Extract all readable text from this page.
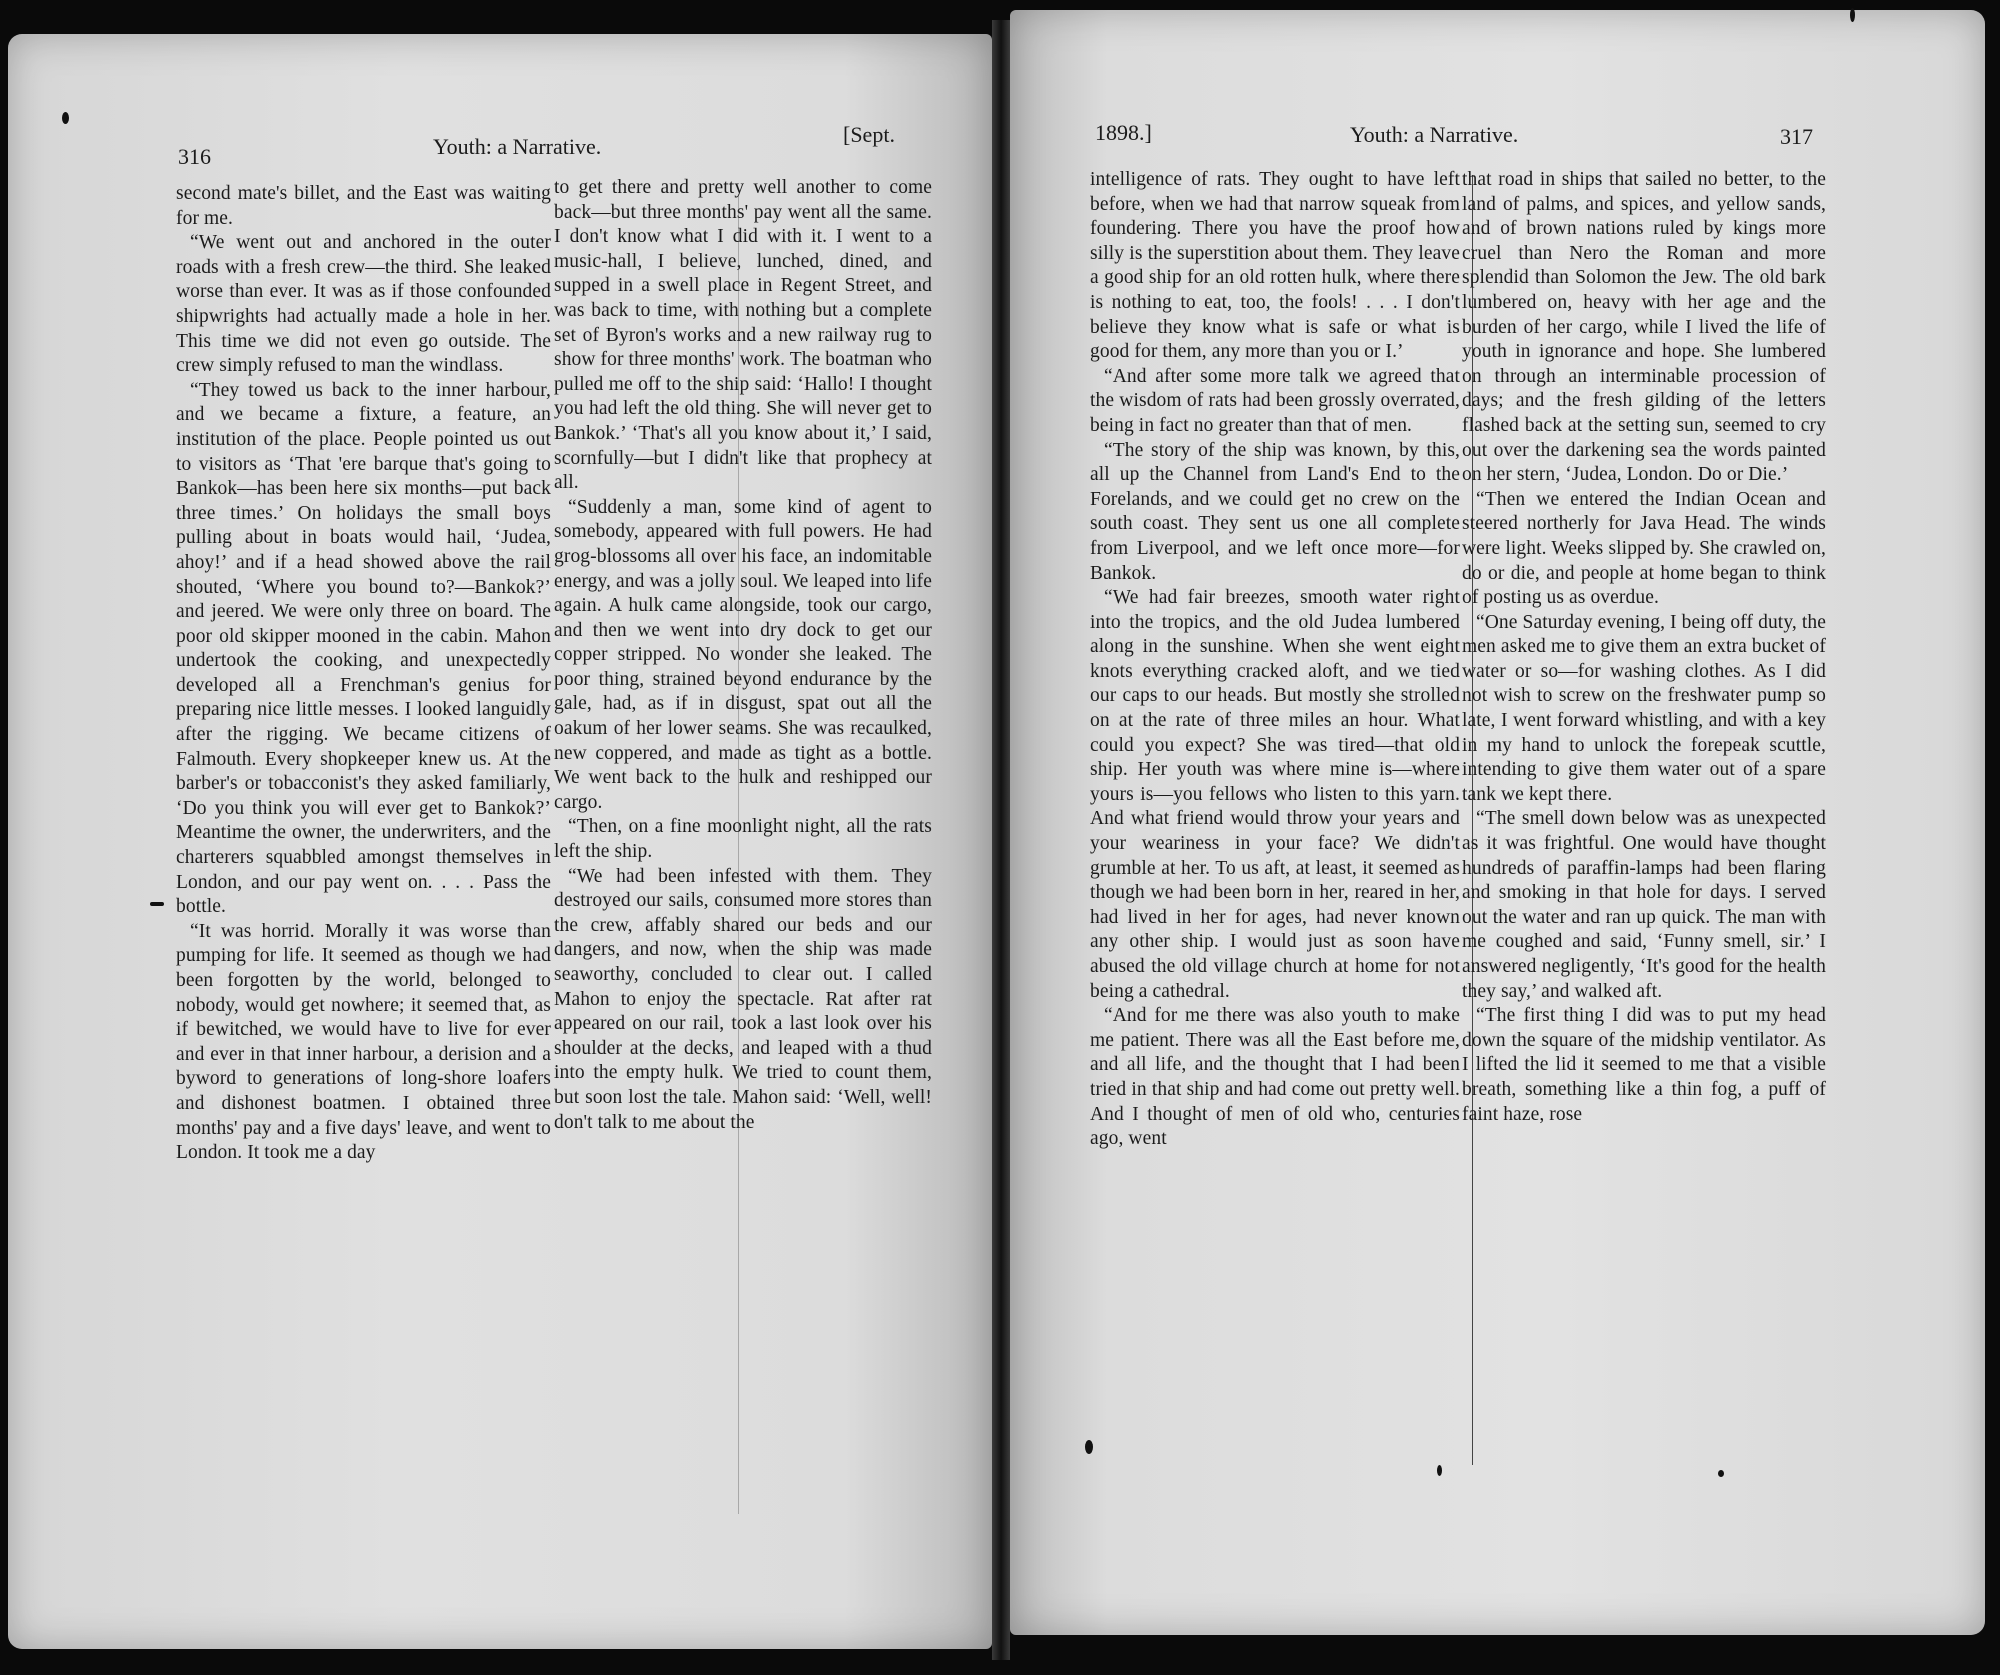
316	Youth: a Narrative.	[Sept.

second mate's billet, and the East was waiting for me.

“We went out and anchored in the outer roads with a fresh crew—the third. She leaked worse than ever. It was as if those confounded shipwrights had actually made a hole in her. This time we did not even go outside. The crew simply refused to man the windlass.

“They towed us back to the inner harbour, and we became a fixture, a feature, an institution of the place. People pointed us out to visitors as ‘That 'ere barque that's going to Bankok—has been here six months—put back three times.’ On holidays the small boys pulling about in boats would hail, ‘Judea, ahoy!’ and if a head showed above the rail shouted, ‘Where you bound to?—Bankok?’ and jeered. We were only three on board. The poor old skipper mooned in the cabin. Mahon undertook the cooking, and unexpectedly developed all a Frenchman's genius for preparing nice little messes. I looked languidly after the rigging. We became citizens of Falmouth. Every shopkeeper knew us. At the barber's or tobacconist's they asked familiarly, ‘Do you think you will ever get to Bankok?’ Meantime the owner, the underwriters, and the charterers squabbled amongst themselves in London, and our pay went on. . . . Pass the bottle.

“It was horrid. Morally it was worse than pumping for life. It seemed as though we had been forgotten by the world, belonged to nobody, would get nowhere; it seemed that, as if bewitched, we would have to live for ever and ever in that inner harbour, a derision and a byword to generations of long-shore loafers and dishonest boatmen. I obtained three months' pay and a five days' leave, and went to London. It took me a day

to get there and pretty well another to come back—but three months' pay went all the same. I don't know what I did with it. I went to a music-hall, I believe, lunched, dined, and supped in a swell place in Regent Street, and was back to time, with nothing but a complete set of Byron's works and a new railway rug to show for three months' work. The boatman who pulled me off to the ship said: ‘Hallo! I thought you had left the old thing. She will never get to Bankok.’ ‘That's all you know about it,’ I said, scornfully—but I didn't like that prophecy at all.

“Suddenly a man, some kind of agent to somebody, appeared with full powers. He had grog-blossoms all over his face, an indomitable energy, and was a jolly soul. We leaped into life again. A hulk came alongside, took our cargo, and then we went into dry dock to get our copper stripped. No wonder she leaked. The poor thing, strained beyond endurance by the gale, had, as if in disgust, spat out all the oakum of her lower seams. She was recaulked, new coppered, and made as tight as a bottle. We went back to the hulk and reshipped our cargo.

“Then, on a fine moonlight night, all the rats left the ship.

“We had been infested with them. They destroyed our sails, consumed more stores than the crew, affably shared our beds and our dangers, and now, when the ship was made seaworthy, concluded to clear out. I called Mahon to enjoy the spectacle. Rat after rat appeared on our rail, took a last look over his shoulder at the decks, and leaped with a thud into the empty hulk. We tried to count them, but soon lost the tale. Mahon said: ‘Well, well! don't talk to me about the

1898.]	Youth: a Narrative.	317

intelligence of rats. They ought to have left before, when we had that narrow squeak from foundering. There you have the proof how silly is the superstition about them. They leave a good ship for an old rotten hulk, where there is nothing to eat, too, the fools! . . . I don't believe they know what is safe or what is good for them, any more than you or I.’

“And after some more talk we agreed that the wisdom of rats had been grossly overrated, being in fact no greater than that of men.

“The story of the ship was known, by this, all up the Channel from Land's End to the Forelands, and we could get no crew on the south coast. They sent us one all complete from Liverpool, and we left once more—for Bankok.

“We had fair breezes, smooth water right into the tropics, and the old Judea lumbered along in the sunshine. When she went eight knots everything cracked aloft, and we tied our caps to our heads. But mostly she strolled on at the rate of three miles an hour. What could you expect? She was tired—that old ship. Her youth was where mine is—where yours is—you fellows who listen to this yarn. And what friend would throw your years and your weariness in your face? We didn't grumble at her. To us aft, at least, it seemed as though we had been born in her, reared in her, had lived in her for ages, had never known any other ship. I would just as soon have abused the old village church at home for not being a cathedral.

“And for me there was also youth to make me patient. There was all the East before me, and all life, and the thought that I had been tried in that ship and had come out pretty well. And I thought of men of old who, centuries ago, went

that road in ships that sailed no better, to the land of palms, and spices, and yellow sands, and of brown nations ruled by kings more cruel than Nero the Roman and more splendid than Solomon the Jew. The old bark lumbered on, heavy with her age and the burden of her cargo, while I lived the life of youth in ignorance and hope. She lumbered on through an interminable procession of days; and the fresh gilding of the letters flashed back at the setting sun, seemed to cry out over the darkening sea the words painted on her stern, ‘Judea, London. Do or Die.’

“Then we entered the Indian Ocean and steered northerly for Java Head. The winds were light. Weeks slipped by. She crawled on, do or die, and people at home began to think of posting us as overdue.

“One Saturday evening, I being off duty, the men asked me to give them an extra bucket of water or so—for washing clothes. As I did not wish to screw on the freshwater pump so late, I went forward whistling, and with a key in my hand to unlock the forepeak scuttle, intending to give them water out of a spare tank we kept there.

“The smell down below was as unexpected as it was frightful. One would have thought hundreds of paraffin-lamps had been flaring and smoking in that hole for days. I served out the water and ran up quick. The man with me coughed and said, ‘Funny smell, sir.’ I answered negligently, ‘It's good for the health they say,’ and walked aft.

“The first thing I did was to put my head down the square of the midship ventilator. As I lifted the lid it seemed to me that a visible breath, something like a thin fog, a puff of faint haze, rose
